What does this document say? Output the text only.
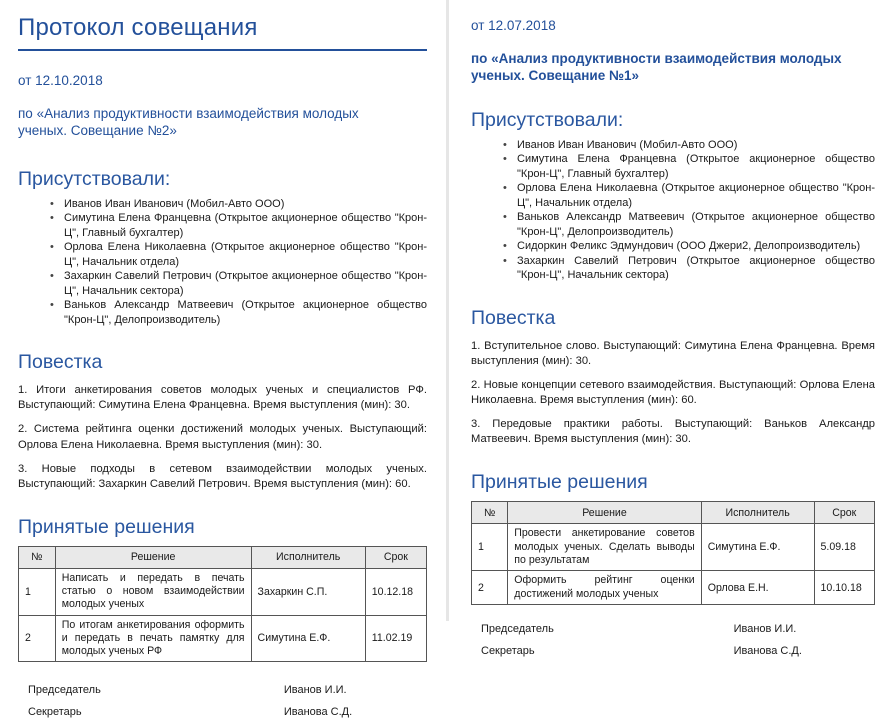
Протокол совещания
от 12.10.2018
по «Анализ продуктивности взаимодействия молодых ученых. Совещание №2»
Присутствовали:
• Иванов Иван Иванович (Мобил-Авто ООО)
• Симутина Елена Францевна (Открытое акционерное общество "Крон-Ц", Главный бухгалтер)
• Орлова Елена Николаевна (Открытое акционерное общество "Крон-Ц", Начальник отдела)
• Захаркин Савелий Петрович (Открытое акционерное общество "Крон-Ц", Начальник сектора)
• Ваньков Александр Матвеевич (Открытое акционерное общество "Крон-Ц", Делопроизводитель)
Повестка

1. Итоги анкетирования советов молодых ученых и специалистов РФ. Выступающий: Симутина Елена Францевна. Время выступления (мин): 30.

2. Система рейтинга оценки достижений молодых ученых. Выступающий: Орлова Елена Николаевна. Время выступления (мин): 30.

3. Новые подходы в сетевом взаимодействии молодых ученых. Выступающий: Захаркин Савелий Петрович. Время выступления (мин): 60.

Принятые решения
№	Решение	Исполнитель	Срок
1	Написать и передать в печать статью о новом взаимодействии молодых ученых	Захаркин С.П.	10.12.18
2	По итогам анкетирования оформить и передать в печать памятку для молодых ученых РФ	Симутина Е.Ф.	11.02.19
Председатель	Иванов И.И.
Секретарь	Иванова С.Д.
от 12.07.2018
по «Анализ продуктивности взаимодействия молодых ученых. Совещание №1»
Присутствовали:
• Иванов Иван Иванович (Мобил-Авто ООО)
• Симутина Елена Францевна (Открытое акционерное общество "Крон-Ц", Главный бухгалтер)
• Орлова Елена Николаевна (Открытое акционерное общество "Крон-Ц", Начальник отдела)
• Ваньков Александр Матвеевич (Открытое акционерное общество "Крон-Ц", Делопроизводитель)
• Сидоркин Феликс Эдмундович (ООО Джери2, Делопроизводитель)
• Захаркин Савелий Петрович (Открытое акционерное общество "Крон-Ц", Начальник сектора)
Повестка

1. Вступительное слово. Выступающий: Симутина Елена Францевна. Время выступления (мин): 30.

2. Новые концепции сетевого взаимодействия. Выступающий: Орлова Елена Николаевна. Время выступления (мин): 60.

3. Передовые практики работы. Выступающий: Ваньков Александр Матвеевич. Время выступления (мин): 30.

Принятые решения
№	Решение	Исполнитель	Срок
1	Провести анкетирование советов молодых ученых. Сделать выводы по результатам	Симутина Е.Ф.	5.09.18
2	Оформить рейтинг оценки достижений молодых ученых	Орлова Е.Н.	10.10.18
Председатель	Иванов И.И.
Секретарь	Иванова С.Д.
